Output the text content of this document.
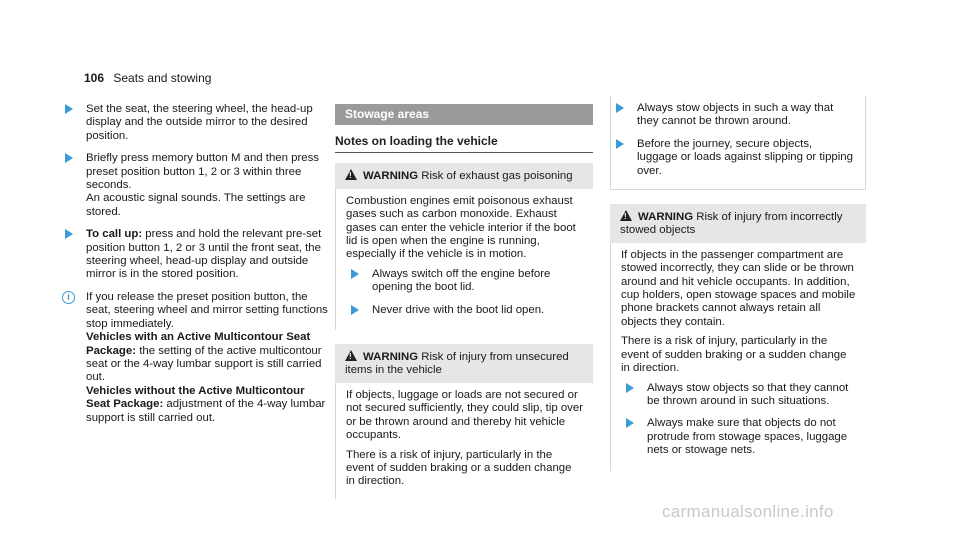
106 Seats and stowing

Set the seat, the steering wheel, the head-up display and the outside mirror to the desired position.

Briefly press memory button M and then press preset position button 1, 2 or 3 within three seconds.

An acoustic signal sounds. The settings are stored.

To call up: press and hold the relevant pre-set position button 1, 2 or 3 until the front seat, the steering wheel, head-up display and outside mirror is in the stored position.

i	If you release the preset position button, the seat, steering wheel and mirror setting functions stop immediately.

Vehicles with an Active Multicontour Seat Package: the setting of the active multicontour seat or the 4-way lumbar support is still carried out.

Vehicles without the Active Multicontour Seat Package: adjustment of the 4-way lumbar support is still carried out.

Stowage areas
Notes on loading the vehicle
!WARNING Risk of exhaust gas poisoning

Combustion engines emit poisonous exhaust gases such as carbon monoxide. Exhaust gases can enter the vehicle interior if the boot lid is open when the engine is running, especially if the vehicle is in motion.

Always switch off the engine before opening the boot lid.

Never drive with the boot lid open.

!WARNING Risk of injury from unsecured items in the vehicle

If objects, luggage or loads are not secured or not secured sufficiently, they could slip, tip over or be thrown around and thereby hit vehicle occupants.

There is a risk of injury, particularly in the event of sudden braking or a sudden change in direction.

Always stow objects in such a way that they cannot be thrown around.

Before the journey, secure objects, luggage or loads against slipping or tipping over.

!WARNING Risk of injury from incorrectly stowed objects

If objects in the passenger compartment are stowed incorrectly, they can slide or be thrown around and hit vehicle occupants. In addition, cup holders, open stowage spaces and mobile phone brackets cannot always retain all objects they contain.

There is a risk of injury, particularly in the event of sudden braking or a sudden change in direction.

Always stow objects so that they cannot be thrown around in such situations.

Always make sure that objects do not protrude from stowage spaces, luggage nets or stowage nets.

carmanualsonline.info
